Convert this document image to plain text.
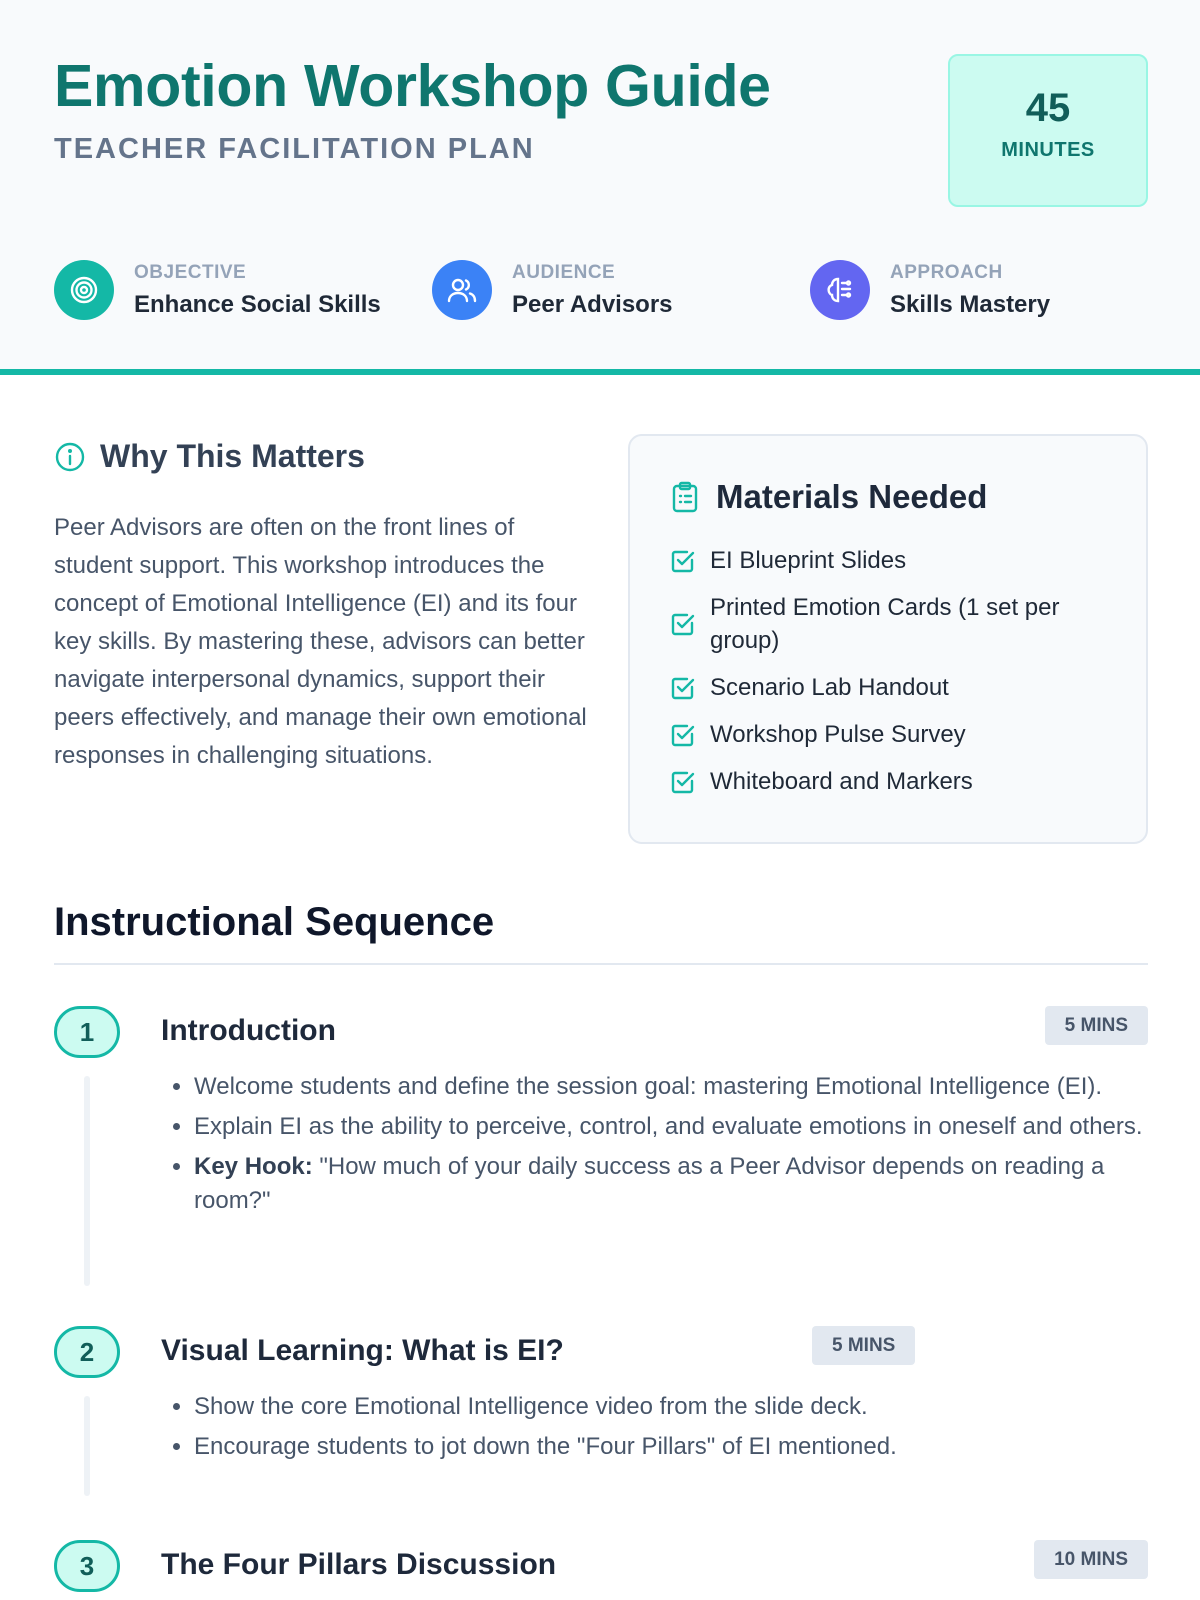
Emotion Workshop Guide
TEACHER FACILITATION PLAN
45
MINUTES
OBJECTIVE
Enhance Social Skills
AUDIENCE
Peer Advisors
APPROACH
Skills Mastery
Why This Matters

Peer Advisors are often on the front lines of student support. This workshop introduces the concept of Emotional Intelligence (EI) and its four key skills. By mastering these, advisors can better navigate interpersonal dynamics, support their peers effectively, and manage their own emotional responses in challenging situations.

Materials Needed
EI Blueprint Slides
Printed Emotion Cards (1 set per group)
Scenario Lab Handout
Workshop Pulse Survey
Whiteboard and Markers
Instructional Sequence
1	Introduction	5 MINS
• Welcome students and define the session goal: mastering Emotional Intelligence (EI).
• Explain EI as the ability to perceive, control, and evaluate emotions in oneself and others.
• Key Hook: "How much of your daily success as a Peer Advisor depends on reading a room?"
2	Visual Learning: What is EI?	5 MINS
• Show the core Emotional Intelligence video from the slide deck.
• Encourage students to jot down the "Four Pillars" of EI mentioned.
3	The Four Pillars Discussion	10 MINS
